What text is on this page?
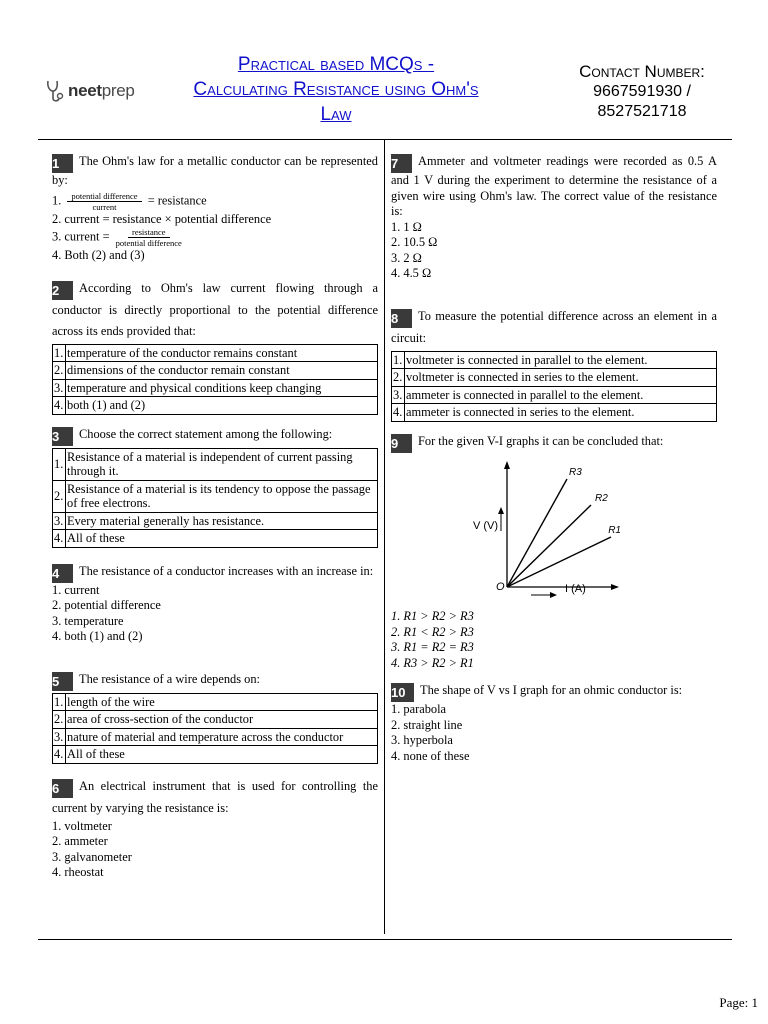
neetprep
Practical based MCQs -
Calculating Resistance using Ohm's
Law
Contact Number:
9667591930 /
8527521718
1 The Ohm's law for a metallic conductor can be represented by:
1. $\frac{\text{potential difference}}{\text{current}}$ = resistance
2. current = resistance × potential difference
3. current = $\frac{\text{resistance}}{\text{potential difference}}$
4. Both (2) and (3)
2 According to Ohm's law current flowing through a conductor is directly proportional to the potential difference across its ends provided that:
1.	temperature of the conductor remains constant
2.	dimensions of the conductor remain constant
3.	temperature and physical conditions keep changing
4.	both (1) and (2)
3 Choose the correct statement among the following:
1.	Resistance of a material is independent of current passing through it.
2.	Resistance of a material is its tendency to oppose the passage of free electrons.
3.	Every material generally has resistance.
4.	All of these
4 The resistance of a conductor increases with an increase in:
1. current
2. potential difference
3. temperature
4. both (1) and (2)
5 The resistance of a wire depends on:
1.	length of the wire
2.	area of cross-section of the conductor
3.	nature of material and temperature across the conductor
4.	All of these
6 An electrical instrument that is used for controlling the current by varying the resistance is:
1. voltmeter
2. ammeter
3. galvanometer
4. rheostat
7 Ammeter and voltmeter readings were recorded as 0.5 A and 1 V during the experiment to determine the resistance of a given wire using Ohm's law. The correct value of the resistance is:
1. 1 Ω
2. 10.5 Ω
3. 2 Ω
4. 4.5 Ω
8 To measure the potential difference across an element in a circuit:
1.	voltmeter is connected in parallel to the element.
2.	voltmeter is connected in series to the element.
3.	ammeter is connected in parallel to the element.
4.	ammeter is connected in series to the element.
9 For the given V-I graphs it can be concluded that:
V (V)
I (A)
O
R3
R2
R1
1. R1 > R2 > R3
2. R1 < R2 > R3
3. R1 = R2 = R3
4. R3 > R2 > R1
10 The shape of V vs I graph for an ohmic conductor is:
1. parabola
2. straight line
3. hyperbola
4. none of these
Page: 1
